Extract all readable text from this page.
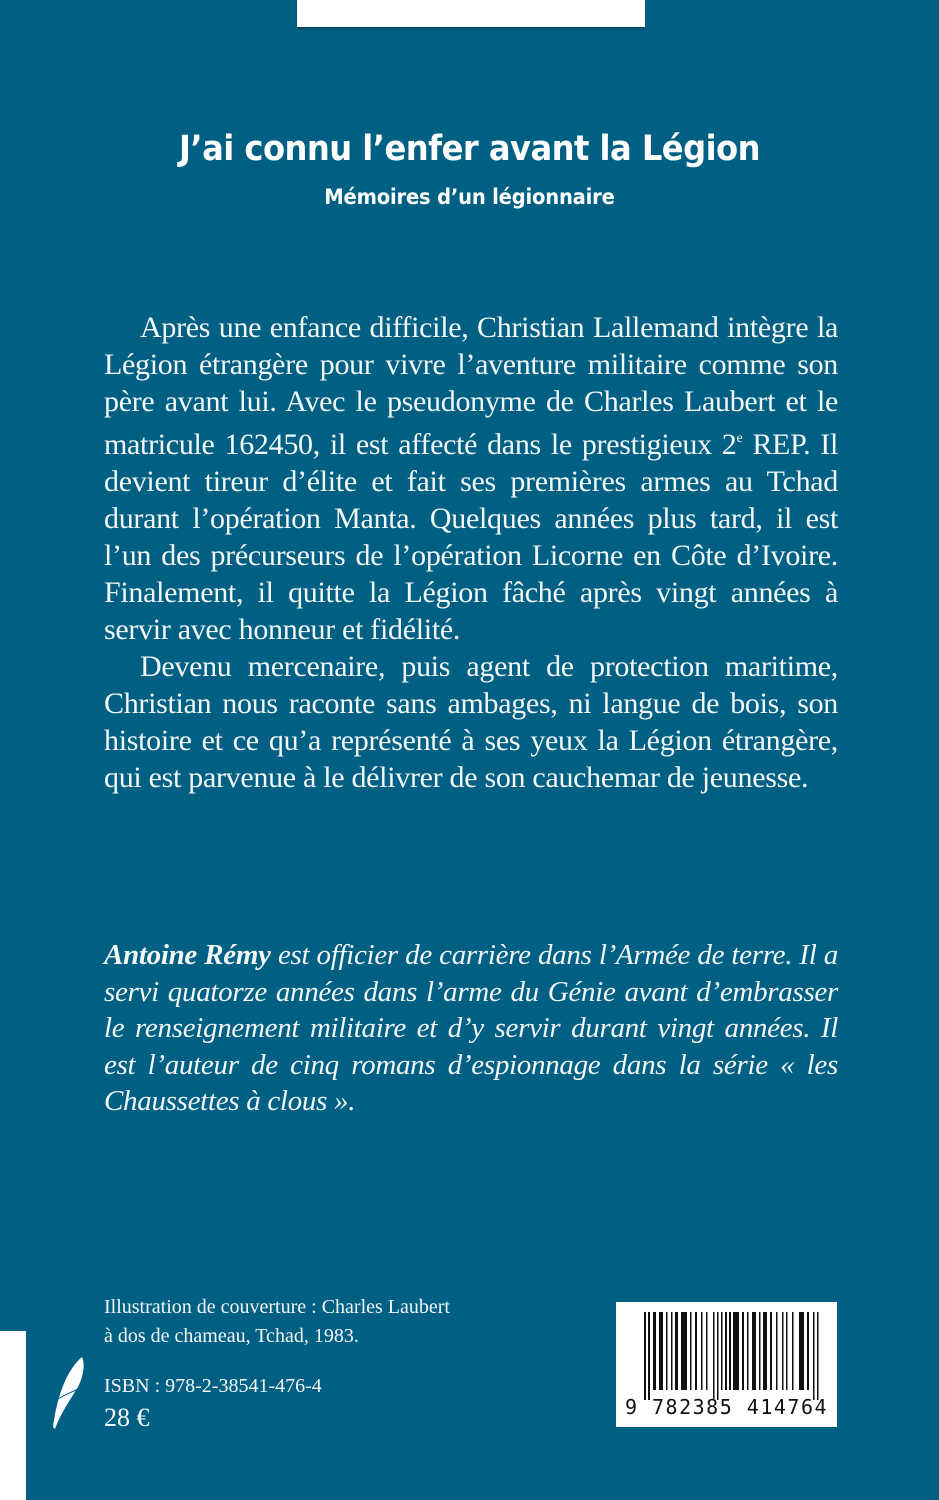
J’ai connu l’enfer avant la Légion
Mémoires d’un légionnaire

Après une enfance difficile, Christian Lallemand intègre la Légion étrangère pour vivre l’aventure militaire comme son père avant lui. Avec le pseudonyme de Charles Laubert et le matricule 162450, il est affecté dans le prestigieux 2e REP. Il devient tireur d’élite et fait ses premières armes au Tchad durant l’opération Manta. Quelques années plus tard, il est l’un des précurseurs de l’opération Licorne en Côte d’Ivoire. Finalement, il quitte la Légion fâché après vingt années à servir avec honneur et fidélité.

Devenu mercenaire, puis agent de protection maritime, Christian nous raconte sans ambages, ni langue de bois, son histoire et ce qu’a représenté à ses yeux la Légion étrangère, qui est parvenue à le délivrer de son cauchemar de jeunesse.

Antoine Rémy est officier de carrière dans l’Armée de terre. Il a servi quatorze années dans l’arme du Génie avant d’embrasser le renseignement militaire et d’y servir durant vingt années. Il est l’auteur de cinq romans d’espionnage dans la série « les Chaussettes à clous ».

Illustration de couverture : Charles Laubert
à dos de chameau, Tchad, 1983.
ISBN : 978-2-38541-476-4
28 €	9 782385 414764
